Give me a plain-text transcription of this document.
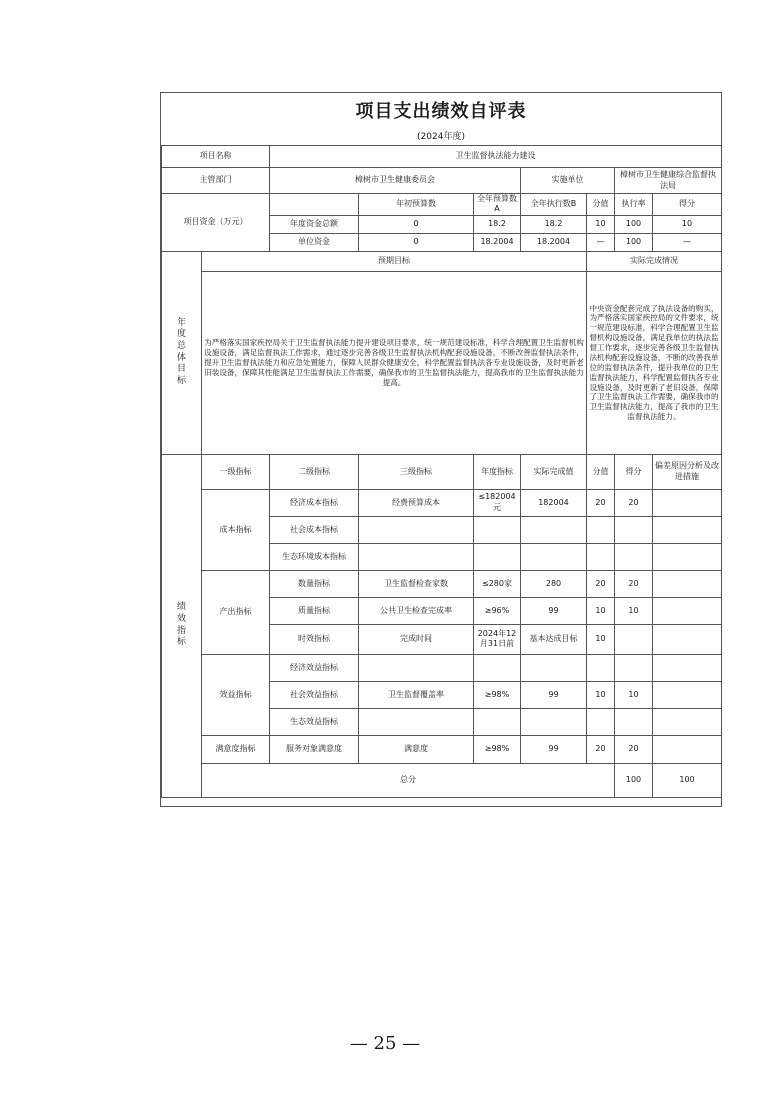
项目支出绩效自评表
(2024年度)
项目名称		卫生监督执法能力建设							
主管部门		樟树市卫生健康委员会			实施单位		樟树市卫生健康综合监督执法局		
项目资金（万元）			年初预算数	全年预算数A	全年执行数B	分值	执行率	得分	
		年度资金总额	0	18.2	18.2	10	100	10	
		单位资金	0	18.2004	18.2004	—	100	—	
年度总体目标	预期目标					实际完成情况			
	为严格落实国家疾控局关于卫生监督执法能力提升建设项目要求，统一规范建设标准，科学合理配置卫生监督机构设施设备，满足监督执法工作需求，通过逐步完善各级卫生监督执法机构配套设施设备，不断改善监督执法条件，提升卫生监督执法能力和应急处置能力，保障人民群众健康安全，科学配置监督执法各专业设施设备，及时更新老旧装设备，保障其性能满足卫生监督执法工作需要，确保我市的卫生监督执法能力，提高我市的卫生监督执法能力提高。					中央资金配套完成了执法设备的购买，为严格落实国家疾控局的文件要求，统一规范建设标准，科学合理配置卫生监督机构设施设备，满足我单位的执法监督工作要求，逐步完善各级卫生监督执法机构配套设施设备，不断的改善我单位的监督执法条件，提升我单位的卫生监督执法能力，科学配置监督执各专业设施设备，及时更新了老旧设备，保障了卫生监督执法工作需要，确保我市的卫生监督执法能力，提高了我市的卫生监督执法能力。			
绩效指标	一级指标	二级指标	三级指标	年度指标	实际完成值	分值	得分	偏差原因分析及改进措施	
	成本指标	经济成本指标	经费预算成本	≤182004元	182004	20	20		
		社会成本指标							
		生态环境成本指标							
	产出指标	数量指标	卫生监督检查家数	≤280家	280	20	20		
		质量指标	公共卫生检查完成率	≥96%	99	10	10		
		时效指标	完成时间	2024年12月31日前	基本达成目标	10			
	效益指标	经济效益指标							
		社会效益指标	卫生监督覆盖率	≥98%	99	10	10		
		生态效益指标							
	满意度指标	服务对象满意度	满意度	≥98%	99	20	20		
	总分						100	100	
— 25 —
